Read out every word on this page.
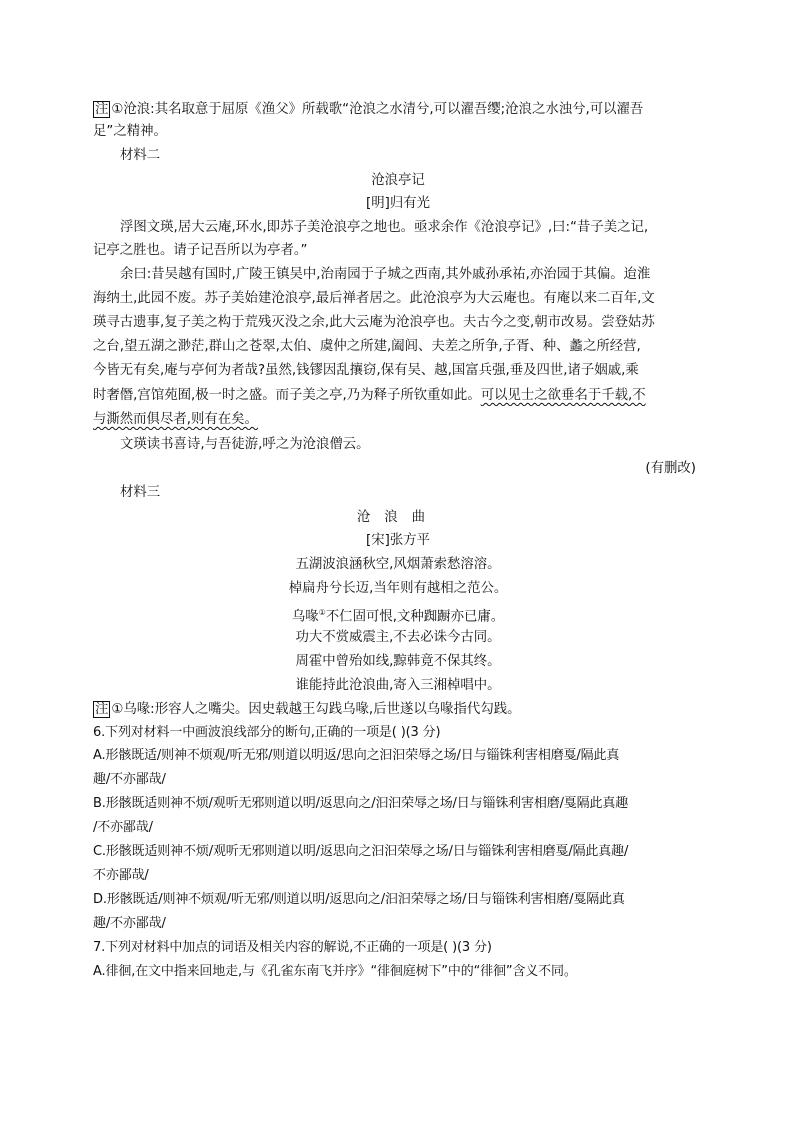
注 ①沧浪:其名取意于屈原《渔父》所载歌“沧浪之水清兮,可以濯吾缨;沧浪之水浊兮,可以濯吾
足”之精神。
材料二
沧浪亭记
[明]归有光
浮图文瑛,居大云庵,环水,即苏子美沧浪亭之地也。亟求余作《沧浪亭记》,曰:“昔子美之记,
记亭之胜也。请子记吾所以为亭者。”
余曰:昔吴越有国时,广陵王镇吴中,治南园于子城之西南,其外戚孙承祐,亦治园于其偏。迨淮
海纳土,此园不废。苏子美始建沧浪亭,最后禅者居之。此沧浪亭为大云庵也。有庵以来二百年,文
瑛寻古遗事,复子美之构于荒残灭没之余,此大云庵为沧浪亭也。夫古今之变,朝市改易。尝登姑苏
之台,望五湖之渺茫,群山之苍翠,太伯、虞仲之所建,阖闾、夫差之所争,子胥、种、蠡之所经营,
今皆无有矣,庵与亭何为者哉?虽然,钱镠因乱攘窃,保有吴、越,国富兵强,垂及四世,诸子姻戚,乘
时奢僭,宫馆苑囿,极一时之盛。而子美之亭,乃为释子所钦重如此。可以见士之欲垂名于千载,不
与澌然而俱尽者,则有在矣。
文瑛读书喜诗,与吾徒游,呼之为沧浪僧云。
(有删改)
材料三
沧浪曲
[宋]张方平
五湖波浪涵秋空,风烟萧索愁溶溶。
棹扁舟兮长迈,当年则有越相之范公。
乌喙①不仁固可恨,文种踟蹰亦已庸。
功大不赏威震主,不去必诛今古同。
周霍中曾殆如线,黥韩竟不保其终。
谁能持此沧浪曲,寄入三湘棹唱中。
注 ①乌喙:形容人之嘴尖。因史载越王勾践乌喙,后世遂以乌喙指代勾践。
6.下列对材料一中画波浪线部分的断句,正确的一项是( )(3 分)
A.形骸既适/则神不烦观/听无邪/则道以明返/思向之汩汩荣辱之场/日与锱铢利害相磨戛/隔此真
趣/不亦鄙哉/
B.形骸既适则神不烦/观听无邪则道以明/返思向之/汩汩荣辱之场/日与锱铢利害相磨/戛隔此真趣
/不亦鄙哉/
C.形骸既适则神不烦/观听无邪则道以明/返思向之汩汩荣辱之场/日与锱铢利害相磨戛/隔此真趣/
不亦鄙哉/
D.形骸既适/则神不烦观/听无邪/则道以明/返思向之/汩汩荣辱之场/日与锱铢利害相磨/戛隔此真
趣/不亦鄙哉/
7.下列对材料中加点的词语及相关内容的解说,不正确的一项是( )(3 分)
A.徘徊,在文中指来回地走,与《孔雀东南飞并序》“徘徊庭树下”中的“徘徊”含义不同。
